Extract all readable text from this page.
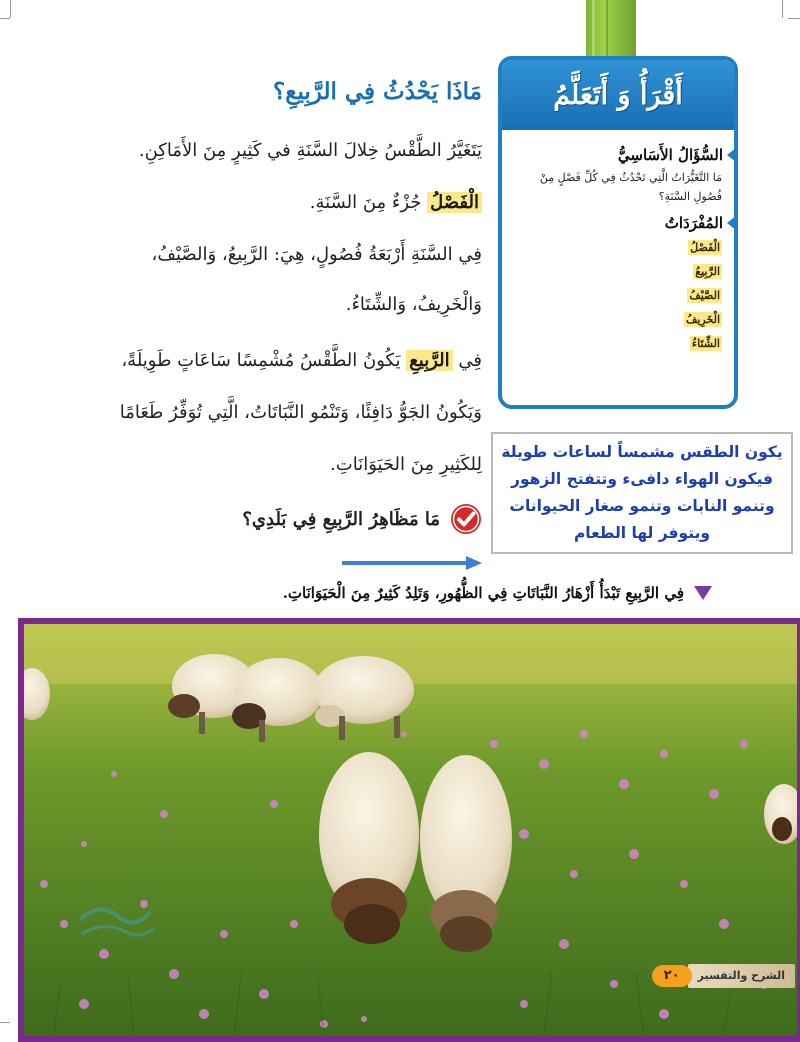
أَقْرَأُ وَ أَتَعَلَّمُ
السُّؤَالُ الأَسَاسِيُّ
مَا التَّغَيُّرَاتُ الَّتِي تَحْدُثُ فِي كُلِّ فَصْلٍ مِنْ فُصُولِ السَّنَةِ؟
المُفْرَدَاتُ
الْفَصْلُ
الرَّبِيعُ
الصَّيْفُ
الْخَرِيفُ
الشِّتَاءُ
مَاذَا يَحْدُثُ فِي الرَّبِيعِ؟
يَتَغَيَّرُ الطَّقْسُ خِلالَ السَّنَةِ في كَثِيرٍ مِنَ الأَمَاكِنِ.
الْفَصْلُ جُزْءٌ مِنَ السَّنَةِ.
فِي السَّنَةِ أَرْبَعَةُ فُصُولٍ، هِيَ: الرَّبِيعُ، وَالصَّيْفُ،
وَالْخَرِيفُ، وَالشِّتَاءُ.
فِي الرَّبِيعِ يَكُونُ الطَّقْسُ مُشْمِسًا سَاعَاتٍ طَوِيلَةً،
وَيَكُونُ الجَوُّ دَافِئًا، وَتَنْمُو النَّبَاتَاتُ، الَّتِي تُوَفِّرُ طَعَامًا
لِلكَثِيرِ مِنَ الحَيَوَانَاتِ.
مَا مَظَاهِرُ الرَّبِيعِ فِي بَلَدِي؟
يكون الطقس مشمساً لساعات طويلة فيكون الهواء دافىء وتتفتح الزهور وتنمو النابات وتنمو صغار الحيوانات ويتوفر لها الطعام
فِي الرَّبِيعِ تَبْدَأُ أَزْهَارُ النَّبَاتَاتِ فِي الظُّهُورِ، وَتَلِدُ كَثِيرٌ مِنَ الْحَيَوَانَاتِ.
الشرح والتفسير
٢٠
